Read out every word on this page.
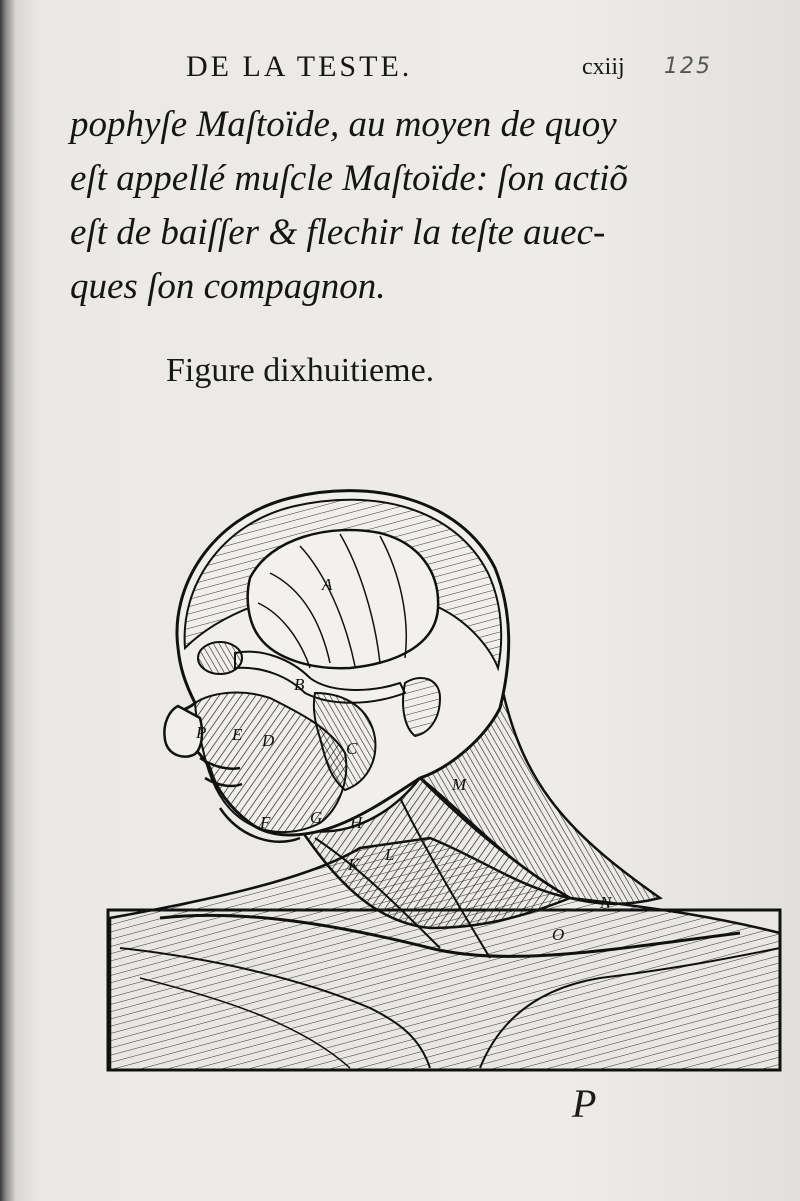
DE LA TESTE.	cxiij 125

pophyſe Maſtoïde, au moyen de quoy
eſt appellé muſcle Maſtoïde: ſon actiõ
eſt de baiſſer & flechir la teſte auec-
ques ſon compagnon.

Figure dixhuitieme.
A
B
C
D
E
F G H
K
L
M
N
O
P
P
